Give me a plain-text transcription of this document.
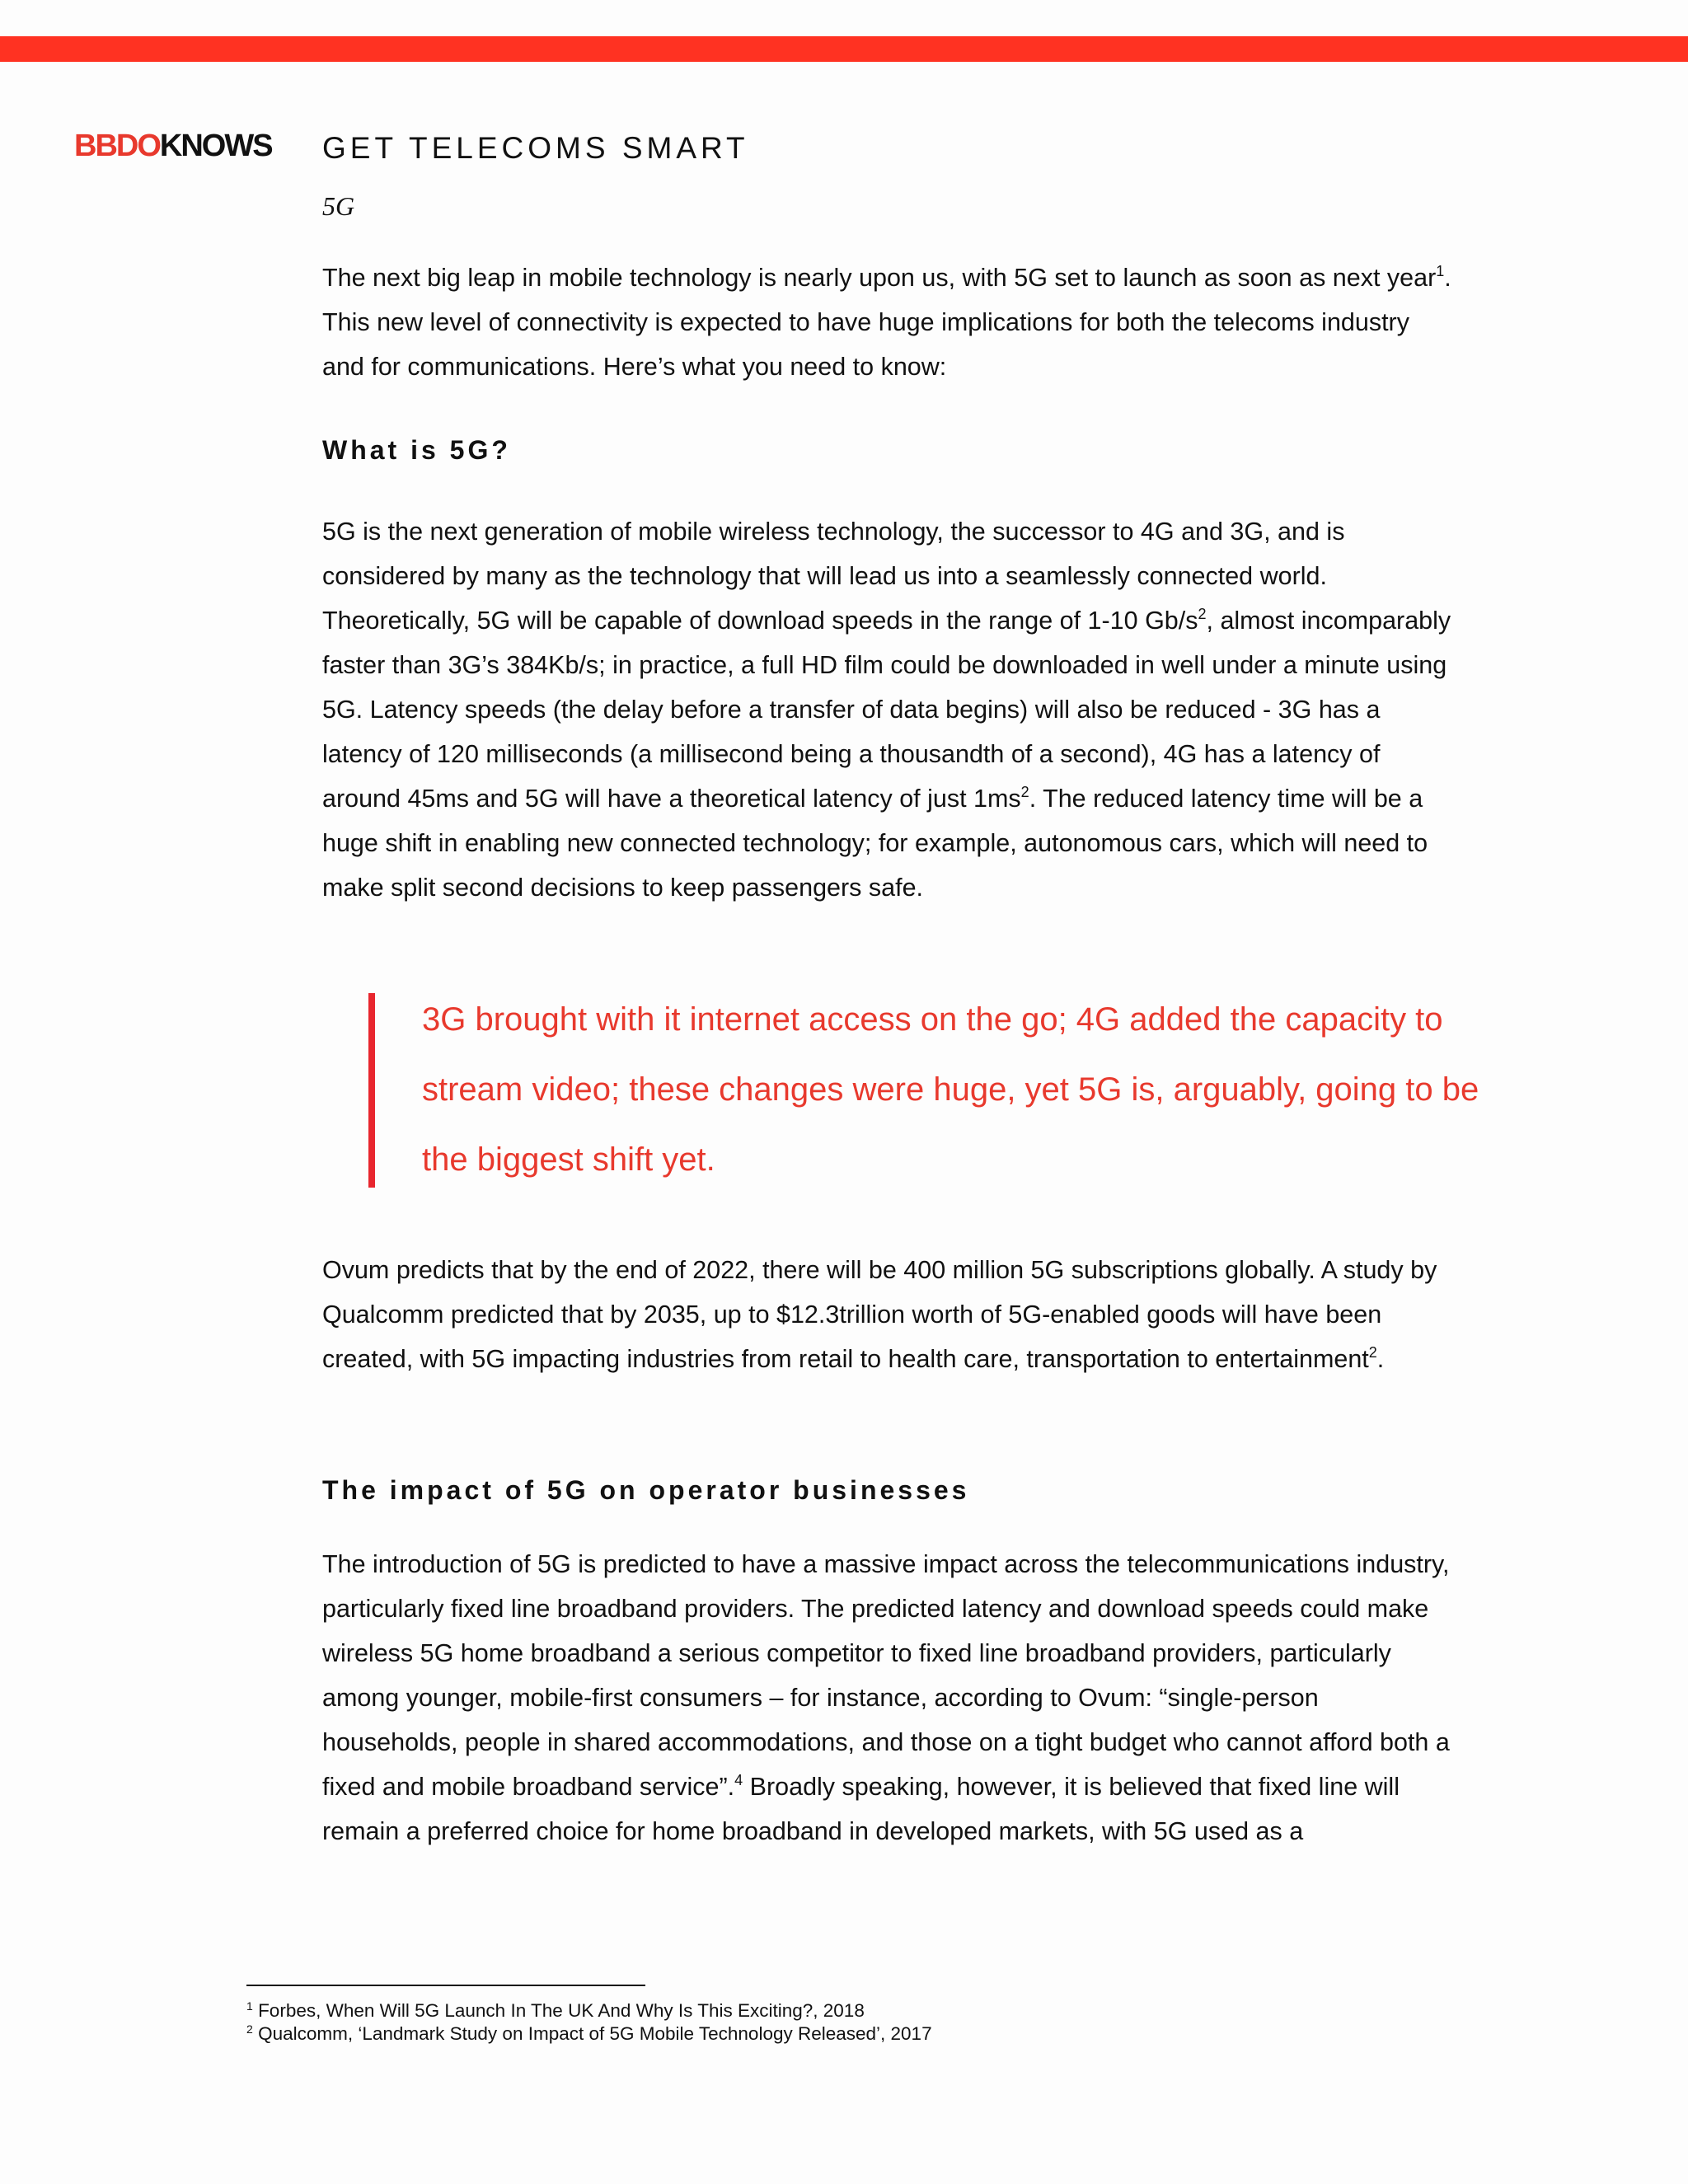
BBDOKNOWS GET TELECOMS SMART
5G

The next big leap in mobile technology is nearly upon us, with 5G set to launch as soon as next year$^1$. This new level of connectivity is expected to have huge implications for both the telecoms industry and for communications. Here’s what you need to know:

What is 5G?

5G is the next generation of mobile wireless technology, the successor to 4G and 3G, and is considered by many as the technology that will lead us into a seamlessly connected world. Theoretically, 5G will be capable of download speeds in the range of 1-10 $Gb/s^2$, almost incomparably faster than 3G’s 384Kb/s; in practice, a full HD film could be downloaded in well under a minute using 5G. Latency speeds (the delay before a transfer of data begins) will also be reduced - 3G has a latency of 120 milliseconds (a millisecond being a thousandth of a second), 4G has a latency of around 45ms and 5G will have a theoretical latency of just $1ms^2$. The reduced latency time will be a huge shift in enabling new connected technology; for example, autonomous cars, which will need to make split second decisions to keep passengers safe.

3G brought with it internet access on the go; 4G added the capacity to stream video; these changes were huge, yet 5G is, arguably, going to be the biggest shift yet.

Ovum predicts that by the end of 2022, there will be 400 million 5G subscriptions globally. A study by Qualcomm predicted that by 2035, up to $12.3trillion worth of 5G-enabled goods will have been created, with 5G impacting industries from retail to health care, transportation to entertainment$^2$.

The impact of 5G on operator businesses

The introduction of 5G is predicted to have a massive impact across the telecommunications industry, particularly fixed line broadband providers. The predicted latency and download speeds could make wireless 5G home broadband a serious competitor to fixed line broadband providers, particularly among younger, mobile-first consumers – for instance, according to Ovum: “single-person households, people in shared accommodations, and those on a tight budget who cannot afford both a fixed and mobile broadband service”.$^4$ Broadly speaking, however, it is believed that fixed line will remain a preferred choice for home broadband in developed markets, with 5G used as a

$^1$ Forbes, When Will 5G Launch In The UK And Why Is This Exciting?, 2018
$^2$ Qualcomm, ‘Landmark Study on Impact of 5G Mobile Technology Released’, 2017
